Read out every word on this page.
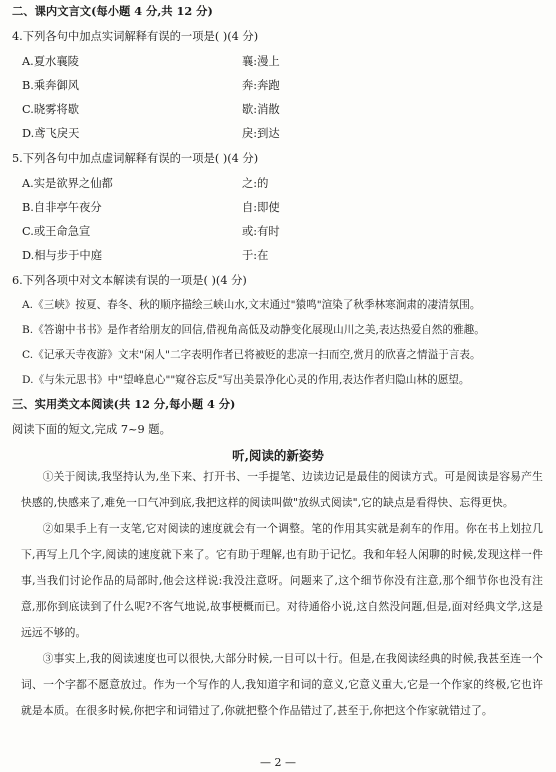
二、课内文言文(每小题 4 分,共 12 分)
4.下列各句中加点实词解释有误的一项是( )(4 分)
A.夏水襄陵	襄:漫上
B.乘奔御风	奔:奔跑
C.晓雾将歇	歇:消散
D.鸢飞戾天	戾:到达
5.下列各句中加点虚词解释有误的一项是( )(4 分)
A.实是欲界之仙都	之:的
B.自非亭午夜分	自:即使
C.或王命急宣	或:有时
D.相与步于中庭	于:在
6.下列各项中对文本解读有误的一项是( )(4 分)
A.《三峡》按夏、春冬、秋的顺序描绘三峡山水,文末通过"猿鸣"渲染了秋季林寒涧肃的凄清氛围。
B.《答谢中书书》是作者给朋友的回信,借视角高低及动静变化展现山川之美,表达热爱自然的雅趣。
C.《记承天寺夜游》文末"闲人"二字表明作者已将被贬的悲凉一扫而空,赏月的欣喜之情溢于言表。
D.《与朱元思书》中"望峰息心""窥谷忘反"写出美景净化心灵的作用,表达作者归隐山林的愿望。
三、实用类文本阅读(共 12 分,每小题 4 分)
阅读下面的短文,完成 7~9 题。
听,阅读的新姿势

①关于阅读,我坚持认为,坐下来、打开书、一手提笔、边读边记是最佳的阅读方式。可是阅读是容易产生快感的,快感来了,难免一口气冲到底,我把这样的阅读叫做"放纵式阅读",它的缺点是看得快、忘得更快。

②如果手上有一支笔,它对阅读的速度就会有一个调整。笔的作用其实就是刹车的作用。你在书上划拉几下,再写上几个字,阅读的速度就下来了。它有助于理解,也有助于记忆。我和年轻人闲聊的时候,发现这样一件事,当我们讨论作品的局部时,他会这样说:我没注意呀。问题来了,这个细节你没有注意,那个细节你也没有注意,那你到底读到了什么呢?不客气地说,故事梗概而已。对待通俗小说,这自然没问题,但是,面对经典文学,这是远远不够的。

③事实上,我的阅读速度也可以很快,大部分时候,一目可以十行。但是,在我阅读经典的时候,我甚至连一个词、一个字都不愿意放过。作为一个写作的人,我知道字和词的意义,它意义重大,它是一个作家的终极,它也许就是本质。在很多时候,你把字和词错过了,你就把整个作品错过了,甚至于,你把这个作家就错过了。

— 2 —
